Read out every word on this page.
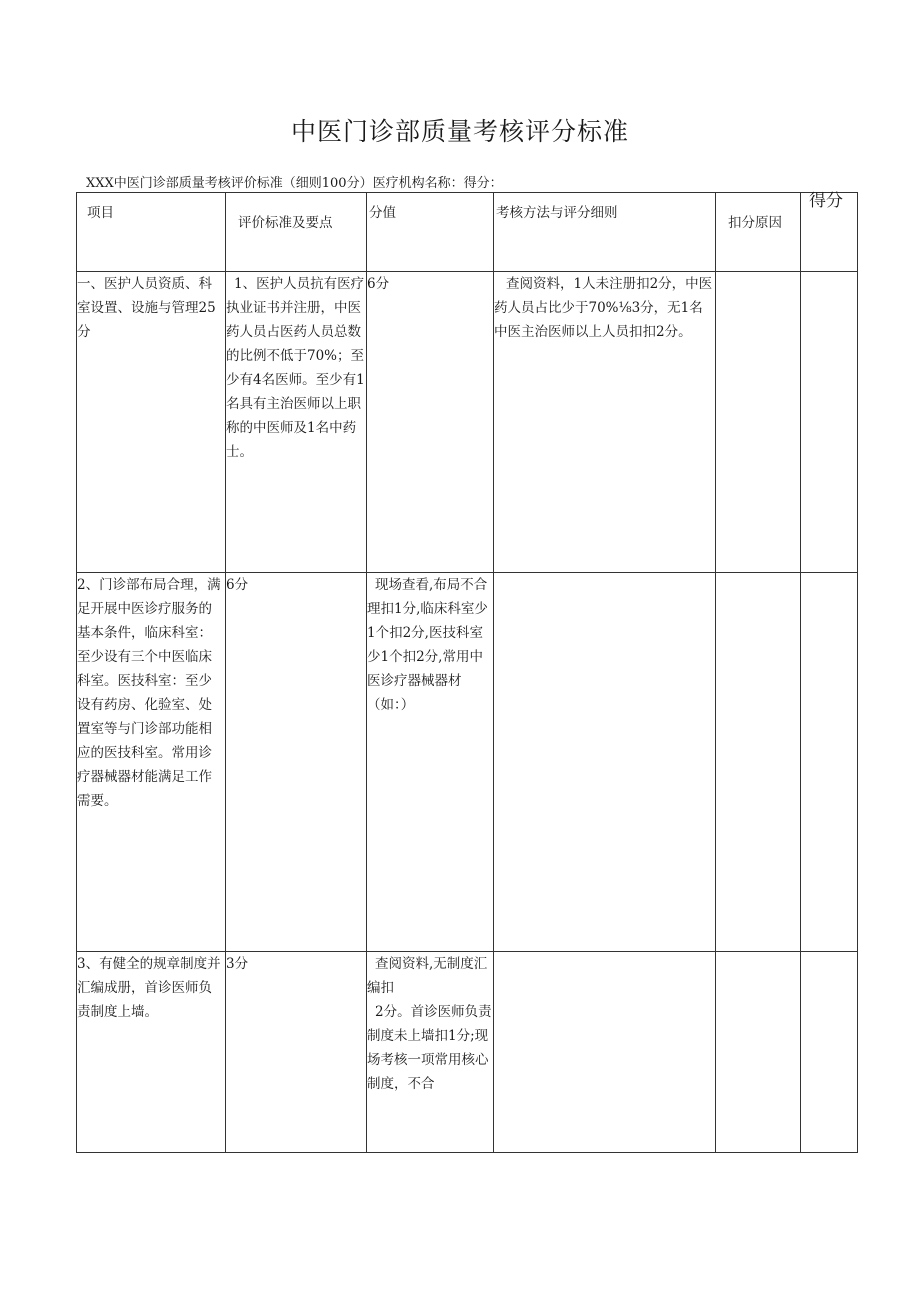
中医门诊部质量考核评分标准
XXX中医门诊部质量考核评价标准（细则100分）医疗机构名称：得分：
项目	评价标准及要点	分值	考核方法与评分细则	扣分原因	得分
一、医护人员资质、科室设置、设施与管理25分	1、医护人员抗有医疗执业证书并注册，中医药人员占医药人员总数的比例不低于70%；至少有4名医师。至少有1名具有主治医师以上职称的中医师及1名中药士。	6分	查阅资料，1人未注册扣2分，中医药人员占比少于70%⅛3分，无1名中医主治医师以上人员扣扣2分。		
2、门诊部布局合理，满足开展中医诊疗服务的基本条件，临床科室：至少设有三个中医临床科室。医技科室：至少设有药房、化验室、处置室等与门诊部功能相应的医技科室。常用诊疗器械器材能满足工作需要。	6分	现场查看,布局不合理扣1分,临床科室少1个扣2分,医技科室少1个扣2分,常用中医诊疗器械器材（如：）			
3、有健全的规章制度并汇编成册，首诊医师负责制度上墙。	3分	查阅资料,无制度汇编扣
2分。首诊医师负责制度未上墙扣1分;现场考核一项常用核心制度，不合			
